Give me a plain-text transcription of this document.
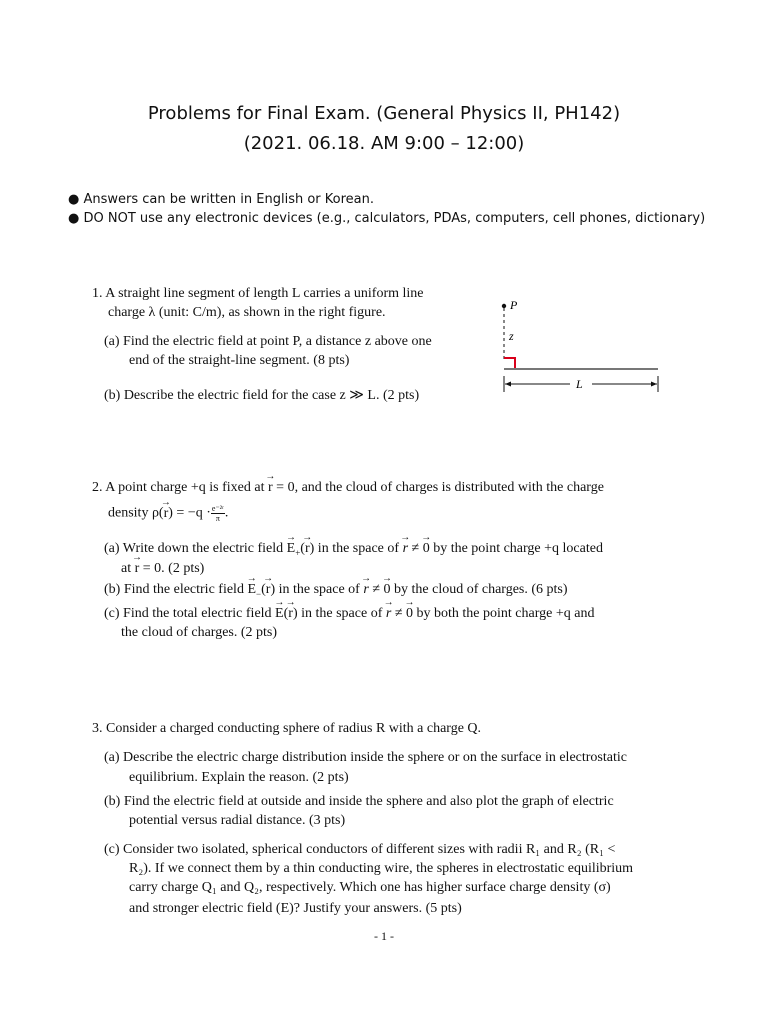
Problems for Final Exam. (General Physics II, PH142)
(2021. 06.18. AM 9:00 – 12:00)
● Answers can be written in English or Korean.
● DO NOT use any electronic devices (e.g., calculators, PDAs, computers, cell phones, dictionary)
1. A straight line segment of length L carries a uniform line
charge λ (unit: C/m), as shown in the right figure.
(a) Find the electric field at point P, a distance z above one
end of the straight-line segment. (8 pts)
(b) Describe the electric field for the case z ≫ L. (2 pts)
P
z
L
2. A point charge +q is fixed at → r = 0, and the cloud of charges is distributed with the charge
density $\rho(\to r) = -q \cdot \frac{\text{e⁻²ʳ}}{\pi}$ .
(a) Write down the electric field → $E_+(\to r)$ in the space of → r ≠ → 0 by the point charge +q located
at → r = 0. (2 pts)
(b) Find the electric field → $E_-(\to r)$ in the space of → r ≠ → 0 by the cloud of charges. (6 pts)
(c) Find the total electric field → E(→ r) in the space of → r ≠ → 0 by both the point charge +q and
the cloud of charges. (2 pts)
3. Consider a charged conducting sphere of radius R with a charge Q.
(a) Describe the electric charge distribution inside the sphere or on the surface in electrostatic
equilibrium. Explain the reason. (2 pts)
(b) Find the electric field at outside and inside the sphere and also plot the graph of electric
potential versus radial distance. (3 pts)
(c) Consider two isolated, spherical conductors of different sizes with radii R₁ and R₂ (R₁ <
R₂). If we connect them by a thin conducting wire, the spheres in electrostatic equilibrium
carry charge Q₁ and Q₂, respectively. Which one has higher surface charge density (σ)
and stronger electric field (E)? Justify your answers. (5 pts)
- 1 -
